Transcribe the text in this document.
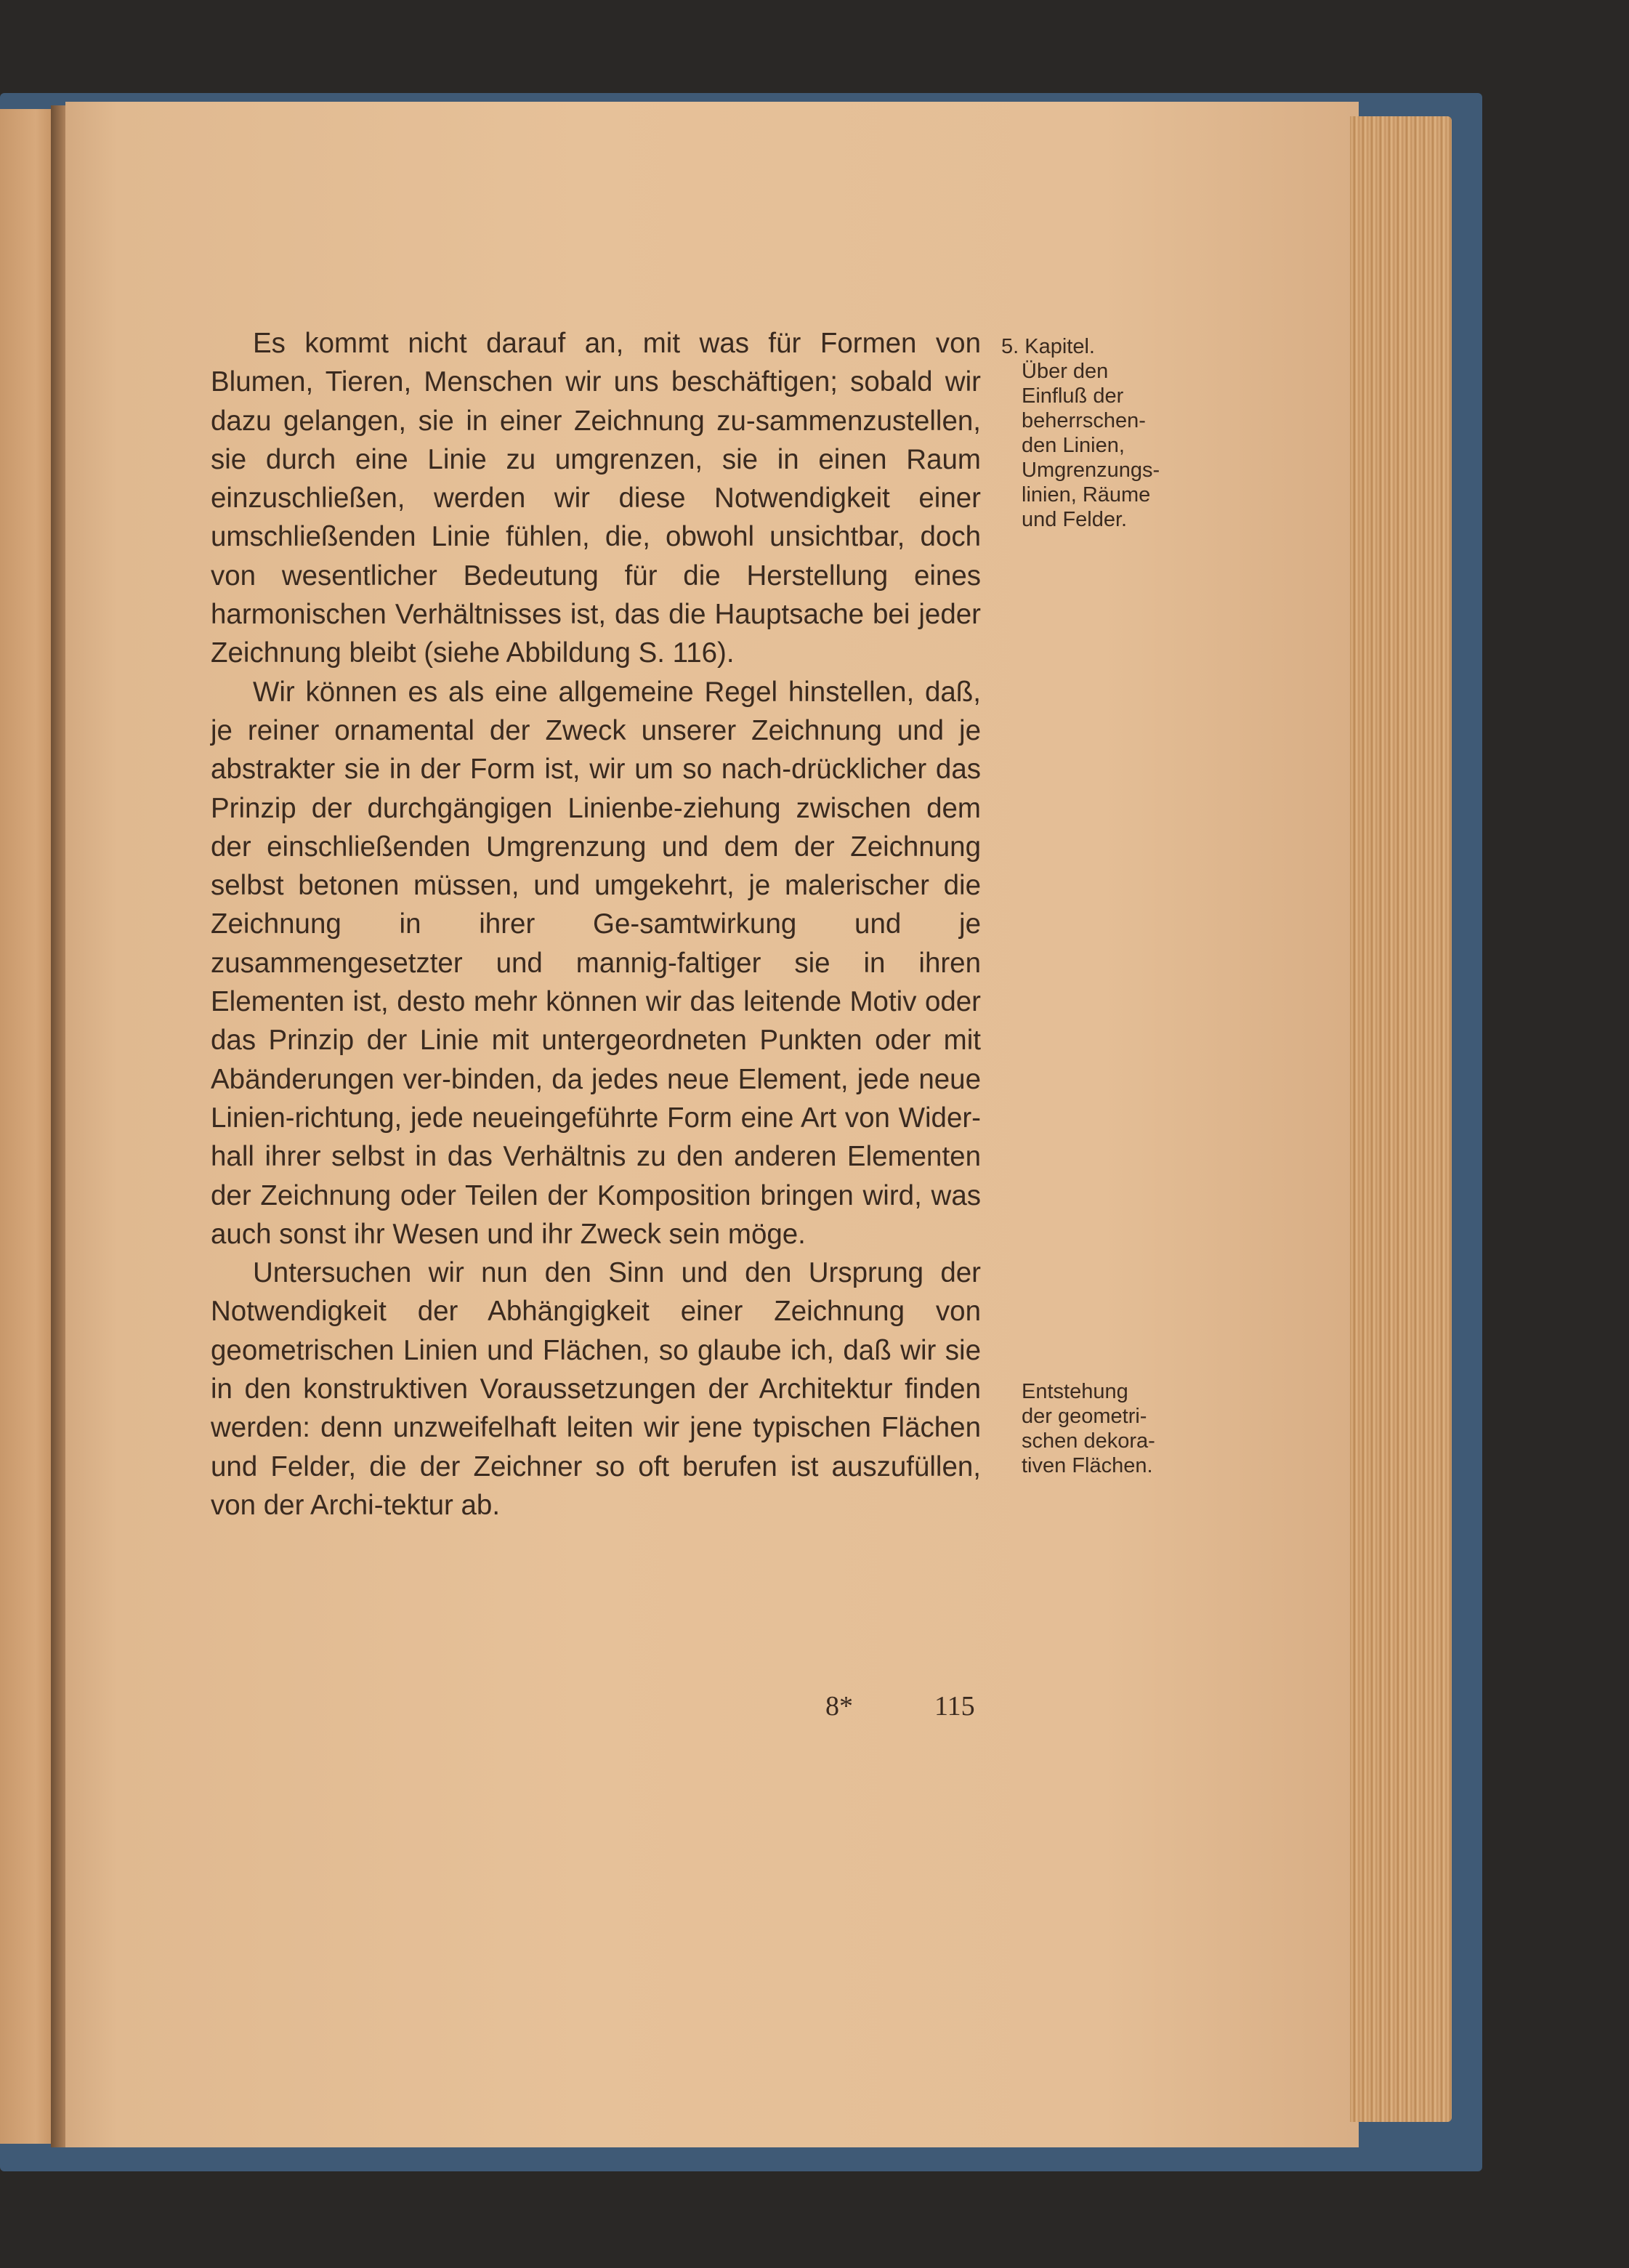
Es kommt nicht darauf an, mit was für Formen von Blumen, Tieren, Menschen wir uns beschäftigen; sobald wir dazu gelangen, sie in einer Zeichnung zu-sammenzustellen, sie durch eine Linie zu umgrenzen, sie in einen Raum einzuschließen, werden wir diese Notwendigkeit einer umschließenden Linie fühlen, die, obwohl unsichtbar, doch von wesentlicher Bedeutung für die Herstellung eines harmonischen Verhältnisses ist, das die Hauptsache bei jeder Zeichnung bleibt (siehe Abbildung S. 116).

Wir können es als eine allgemeine Regel hinstellen, daß, je reiner ornamental der Zweck unserer Zeichnung und je abstrakter sie in der Form ist, wir um so nach-drücklicher das Prinzip der durchgängigen Linienbe-ziehung zwischen dem der einschließenden Umgrenzung und dem der Zeichnung selbst betonen müssen, und umgekehrt, je malerischer die Zeichnung in ihrer Ge-samtwirkung und je zusammengesetzter und mannig-faltiger sie in ihren Elementen ist, desto mehr können wir das leitende Motiv oder das Prinzip der Linie mit untergeordneten Punkten oder mit Abänderungen ver-binden, da jedes neue Element, jede neue Linien-richtung, jede neueingeführte Form eine Art von Wider-hall ihrer selbst in das Verhältnis zu den anderen Elementen der Zeichnung oder Teilen der Komposition bringen wird, was auch sonst ihr Wesen und ihr Zweck sein möge.

Untersuchen wir nun den Sinn und den Ursprung der Notwendigkeit der Abhängigkeit einer Zeichnung von geometrischen Linien und Flächen, so glaube ich, daß wir sie in den konstruktiven Voraussetzungen der Architektur finden werden: denn unzweifelhaft leiten wir jene typischen Flächen und Felder, die der Zeichner so oft berufen ist auszufüllen, von der Archi-tektur ab.

5. Kapitel.
Über den
Einfluß der
beherrschen-
den Linien,
Umgrenzungs-
linien, Räume
und Felder.
Entstehung
der geometri-
schen dekora-
tiven Flächen.
8*	115
